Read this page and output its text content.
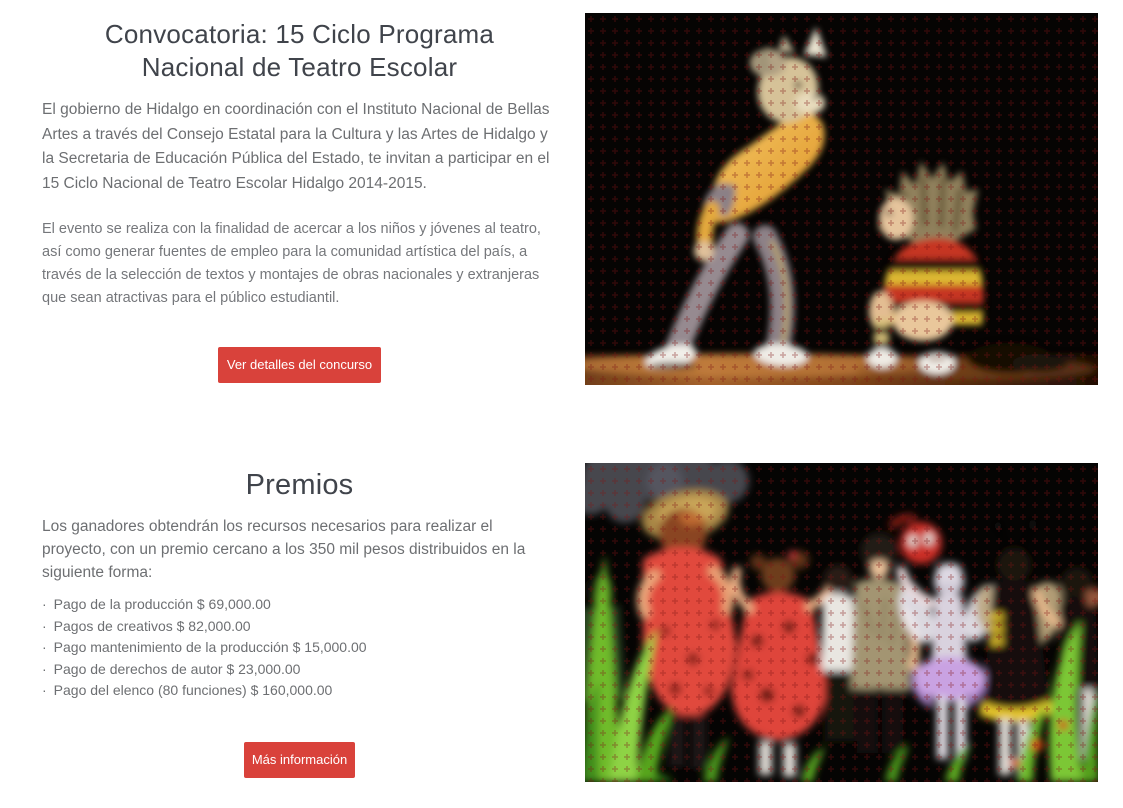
Convocatoria: 15 Ciclo Programa Nacional de Teatro Escolar

El gobierno de Hidalgo en coordinación con el Instituto Nacional de Bellas Artes a través del Consejo Estatal para la Cultura y las Artes de Hidalgo y la Secretaria de Educación Pública del Estado, te invitan a participar en el 15 Ciclo Nacional de Teatro Escolar Hidalgo 2014-2015.

El evento se realiza con la finalidad de acercar a los niños y jóvenes al teatro, así como generar fuentes de empleo para la comunidad artística del país, a través de la selección de textos y montajes de obras nacionales y extranjeras que sean atractivas para el público estudiantil.

Ver detalles del concurso
Premios

Los ganadores obtendrán los recursos necesarios para realizar el proyecto, con un premio cercano a los 350 mil pesos distribuidos en la siguiente forma:

· Pago de la producción $ 69,000.00
· Pagos de creativos $ 82,000.00
· Pago mantenimiento de la producción $ 15,000.00
· Pago de derechos de autor $ 23,000.00
· Pago del elenco (80 funciones) $ 160,000.00
Más información
